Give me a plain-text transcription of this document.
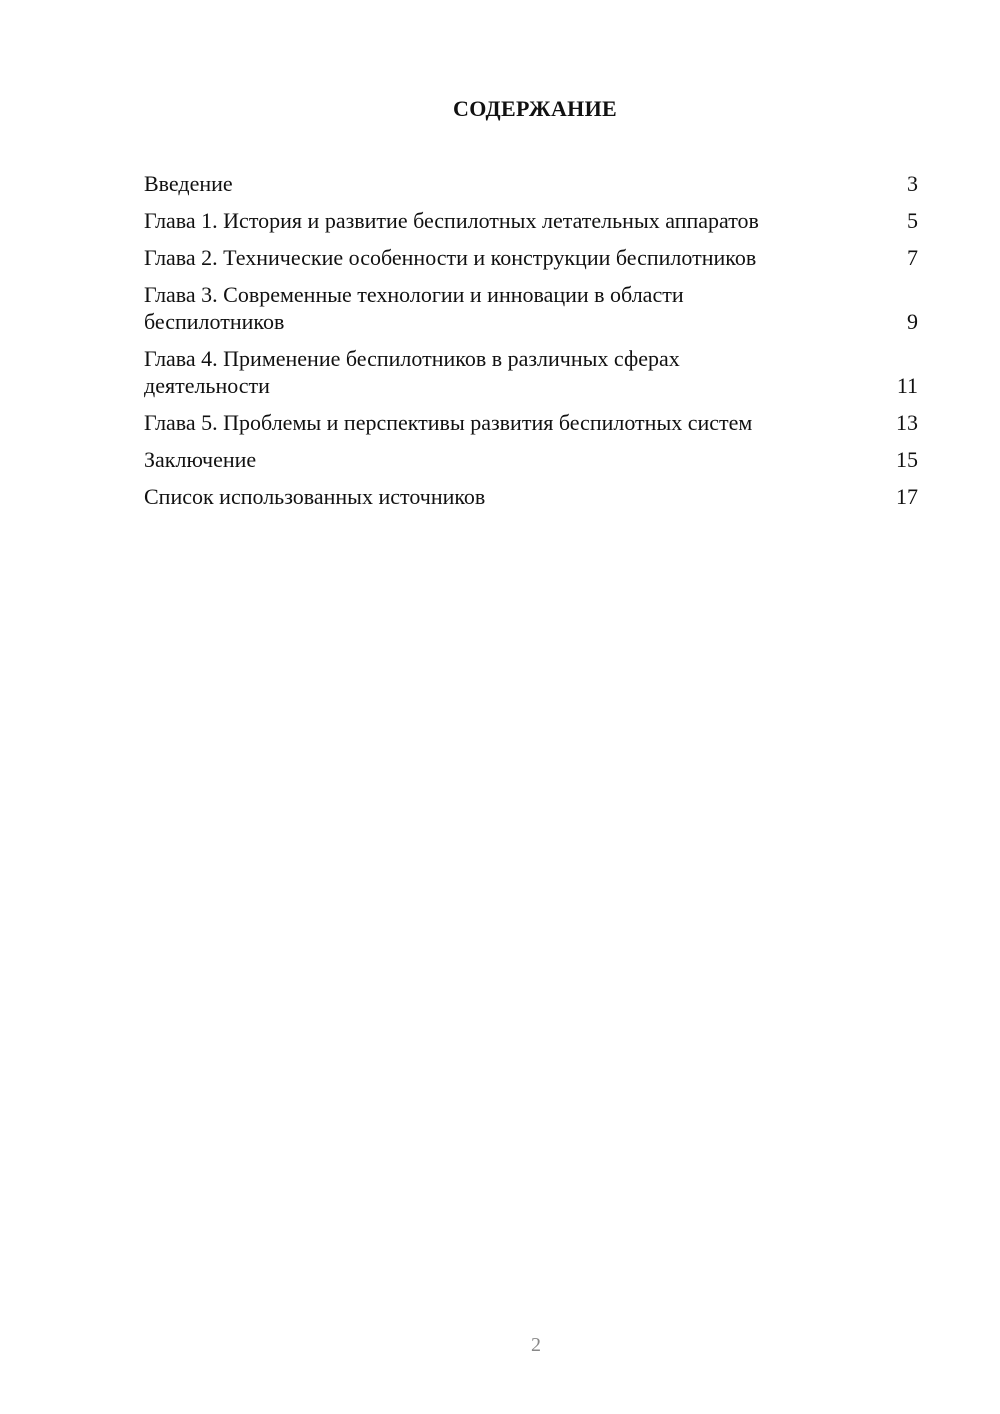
СОДЕРЖАНИЕ
Введение	3
Глава 1. История и развитие беспилотных летательных аппаратов	5
Глава 2. Технические особенности и конструкции беспилотников	7
Глава 3. Современные технологии и инновации в области беспилотников	9
Глава 4. Применение беспилотников в различных сферах деятельности	11
Глава 5. Проблемы и перспективы развития беспилотных систем	13
Заключение	15
Список использованных источников	17
2
